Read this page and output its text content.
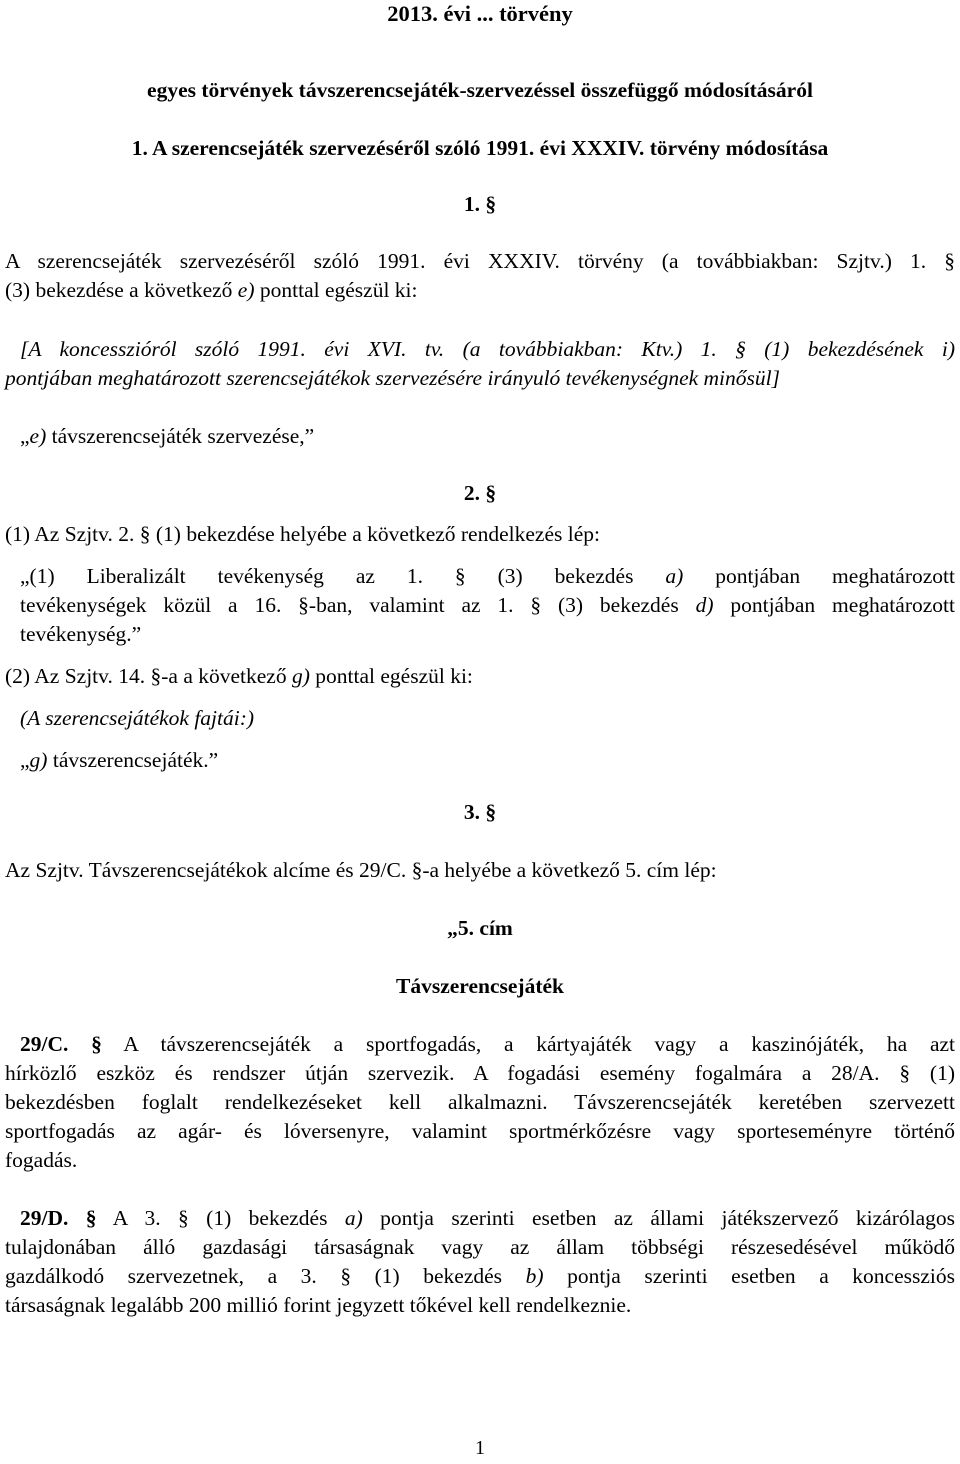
2013. évi ... törvény
egyes törvények távszerencsejáték-szervezéssel összefüggő módosításáról
1. A szerencsejáték szervezéséről szóló 1991. évi XXXIV. törvény módosítása
1. §
A szerencsejáték szervezéséről szóló 1991. évi XXXIV. törvény (a továbbiakban: Szjtv.) 1. §
(3) bekezdése a következő e) ponttal egészül ki:
[A koncesszióról szóló 1991. évi XVI. tv. (a továbbiakban: Ktv.) 1. § (1) bekezdésének i)
pontjában meghatározott szerencsejátékok szervezésére irányuló tevékenységnek minősül]
„e) távszerencsejáték szervezése,”
2. §
(1) Az Szjtv. 2. § (1) bekezdése helyébe a következő rendelkezés lép:
„(1) Liberalizált tevékenység az 1. § (3) bekezdés a) pontjában meghatározott
tevékenységek közül a 16. §-ban, valamint az 1. § (3) bekezdés d) pontjában meghatározott
tevékenység.”
(2) Az Szjtv. 14. §-a a következő g) ponttal egészül ki:
(A szerencsejátékok fajtái:)
„g) távszerencsejáték.”
3. §
Az Szjtv. Távszerencsejátékok alcíme és 29/C. §-a helyébe a következő 5. cím lép:
„5. cím
Távszerencsejáték
29/C. § A távszerencsejáték a sportfogadás, a kártyajáték vagy a kaszinójáték, ha azt
hírközlő eszköz és rendszer útján szervezik. A fogadási esemény fogalmára a 28/A. § (1)
bekezdésben foglalt rendelkezéseket kell alkalmazni. Távszerencsejáték keretében szervezett
sportfogadás az agár- és lóversenyre, valamint sportmérkőzésre vagy sporteseményre történő
fogadás.
29/D. § A 3. § (1) bekezdés a) pontja szerinti esetben az állami játékszervező kizárólagos
tulajdonában álló gazdasági társaságnak vagy az állam többségi részesedésével működő
gazdálkodó szervezetnek, a 3. § (1) bekezdés b) pontja szerinti esetben a koncessziós
társaságnak legalább 200 millió forint jegyzett tőkével kell rendelkeznie.
1
